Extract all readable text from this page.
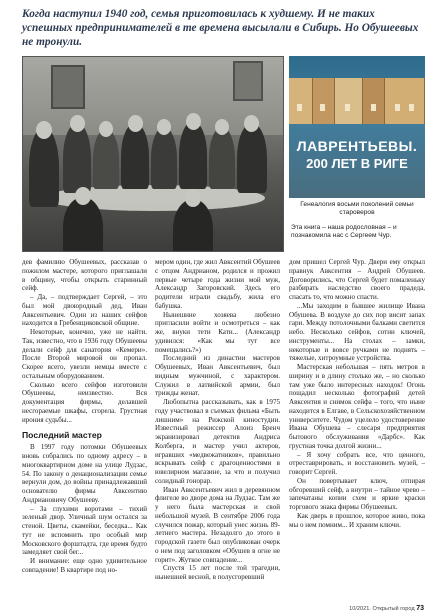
Когда наступил 1940 год, семья приготовилась к худшему. И не таких успешных предпринимателей в те времена высылали в Сибирь. Но Обушеевых не тронули.
ЛАВРЕНТЬЕВЫ.
200 ЛЕТ В РИГЕ
Генеалогия восьми поколений семьи староверов
Эта книга – наша родословная – и познакомила нас с Сергеем Чур.

дев фамилию Обушеевых, рассказав о пожилом мастере, которого приглашали в общину, чтобы открыть старинный сейф.

– Да, – подтверждает Сергей, – это был мой двоюродный дед, Иван Авксентьевич. Один из наших сейфов находится в Гребенщиковской общине.

Некоторые, конечно, уже не найти. Так, известно, что в 1936 году Обушеевы делали сейф для санатория «Кемери». После Второй мировой он пропал. Скорее всего, увезли немцы вместе с остальным оборудованием.

Сколько всего сейфов изготовили Обушеевы, неизвестно. Вся документация фирмы, делавшей несгораемые шкафы, сгорела. Грустная ирония судьбы...

Последний мастер

В 1997 году потомки Обушеевых вновь собрались по одному адресу – в многоквартирном доме на улице Лудзас, 54. По закону о денационализации семье вернули дом, до войны принадлежавший основателю фирмы Авксентию Андриановичу Обушееву.

– За глухими воротами – тихий зеленый двор. Уличный шум остался за стеной. Цветы, скамейки, беседка... Как тут не вспомнить про особый мир Московского форштадта, где время будто замедляет свой бег...

И внимание: еще одно удивительное совпадение! В квартире под но-

мером один, где жил Авксентий Обушеев с отцом Андрианом, родился и прожил первые четыре года жизни мой муж, Александр Загоровский. Здесь его родители играли свадьбу, жила его бабушка.

Нынешние хозяева любезно пригласили войти и осмотреться – как же, внуки тети Кати... (Александр удивился: «Как мы тут все помещались?»)

Последний из династии мастеров Обушеевых, Иван Авксентьевич, был видным мужчиной, с характером. Служил в латвийской армии, был трижды женат.

Любопытна рассказывать, как в 1975 году участвовал в съемках фильма «Быть лишним» на Рижской киностудии. Известный режиссер Алоиз Бренч экранизировал детектив Андриса Колберга, и мастер учил актеров, игравших «медвежатников», правильно вскрывать сейф с драгоценностями в ювелирном магазине, за что и получил солидный гонорар.

Иван Авксентьевич жил в деревянном флигеле во дворе дома на Лудзас. Там же у него была мастерская и свой небольшой музей. В сентябре 2006 года случился пожар, который унес жизнь 89-летнего мастера. Незадолго до этого в городской газете был опубликован очерк о нем под заголовком «Обушев в огне не горит». Жуткое совпадение...

Спустя 15 лет после той трагедии, нынешней весной, в полусгоревший

дом пришел Сергей Чур. Двери ему открыл правнук Авксентия – Андрей Обушеев. Договорились, что Сергей будет помаленьку разбирать наследство своего прадеда, спасать то, что можно спасти.

...Мы заходим в бывшее жилище Ивана Обушева. В воздухе до сих пор висит запах гари. Между потолочными балками светится небо. Несколько сейфов, сотни ключей, инструменты... На столах – замки, некоторые и вовсе ручками не поднять – тяжелые, хитроумные устройства.

Мастерская небольшая – пять метров в ширину и в длину столько же, – но сколько там уже было интересных находок! Огонь пощадил несколько фотографий детей Авксентия и снимок сейфа – того, что ныне находится в Елгаве, в Сельскохозяйственном университете. Чудом уцелело удостоверение Ивана Обушева – слесаря предприятия бытового обслуживания «Дарбс». Как грустная точка долгой жизни...

– Я хочу собрать все, что ценного, отреставрировать, и восстановить музей, – говорит Сергей.

Он повертывает ключ, отпирая обгоревший сейф, а внутри – тайное чрево – запечатаны копии схем и яркие краски торгового знака фирмы Обушеевых.

Как дверь в прошлое, которое живо, пока мы о нем помним... И храним ключи.

10/2021. Открытый город 73
